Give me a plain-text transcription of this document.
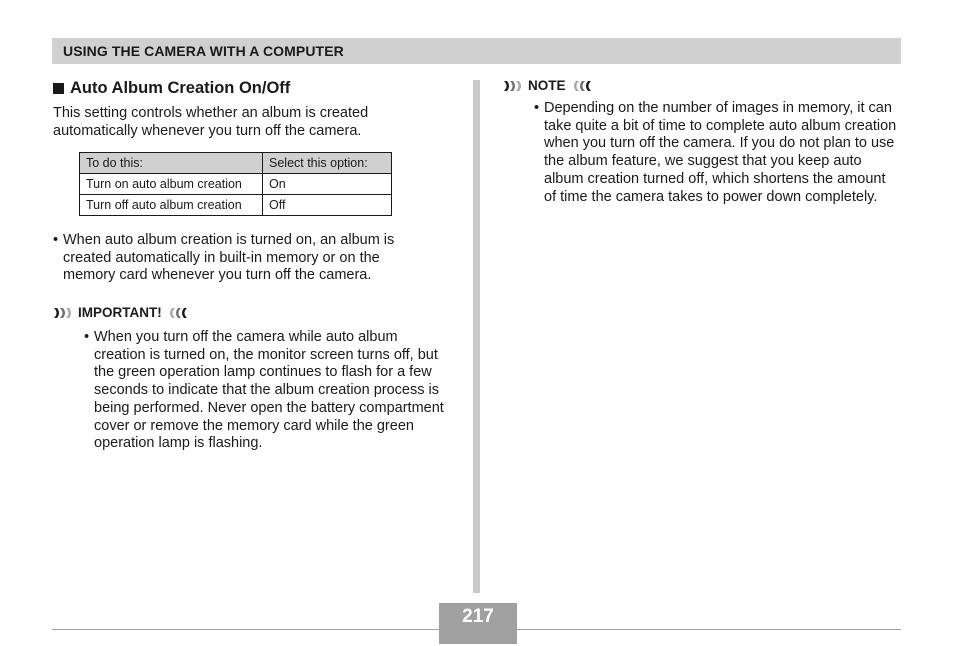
USING THE CAMERA WITH A COMPUTER
Auto Album Creation On/Off

This setting controls whether an album is created automatically whenever you turn off the camera.

To do this:	Select this option:
Turn on auto album creation	On
Turn off auto album creation	Off
• When auto album creation is turned on, an album is created automatically in built-in memory or on the memory card whenever you turn off the camera.
IMPORTANT!
• When you turn off the camera while auto album creation is turned on, the monitor screen turns off, but the green operation lamp continues to flash for a few seconds to indicate that the album creation process is being performed. Never open the battery compartment cover or remove the memory card while the green operation lamp is flashing.
NOTE
• Depending on the number of images in memory, it can take quite a bit of time to complete auto album creation when you turn off the camera. If you do not plan to use the album feature, we suggest that you keep auto album creation turned off, which shortens the amount of time the camera takes to power down completely.
217
